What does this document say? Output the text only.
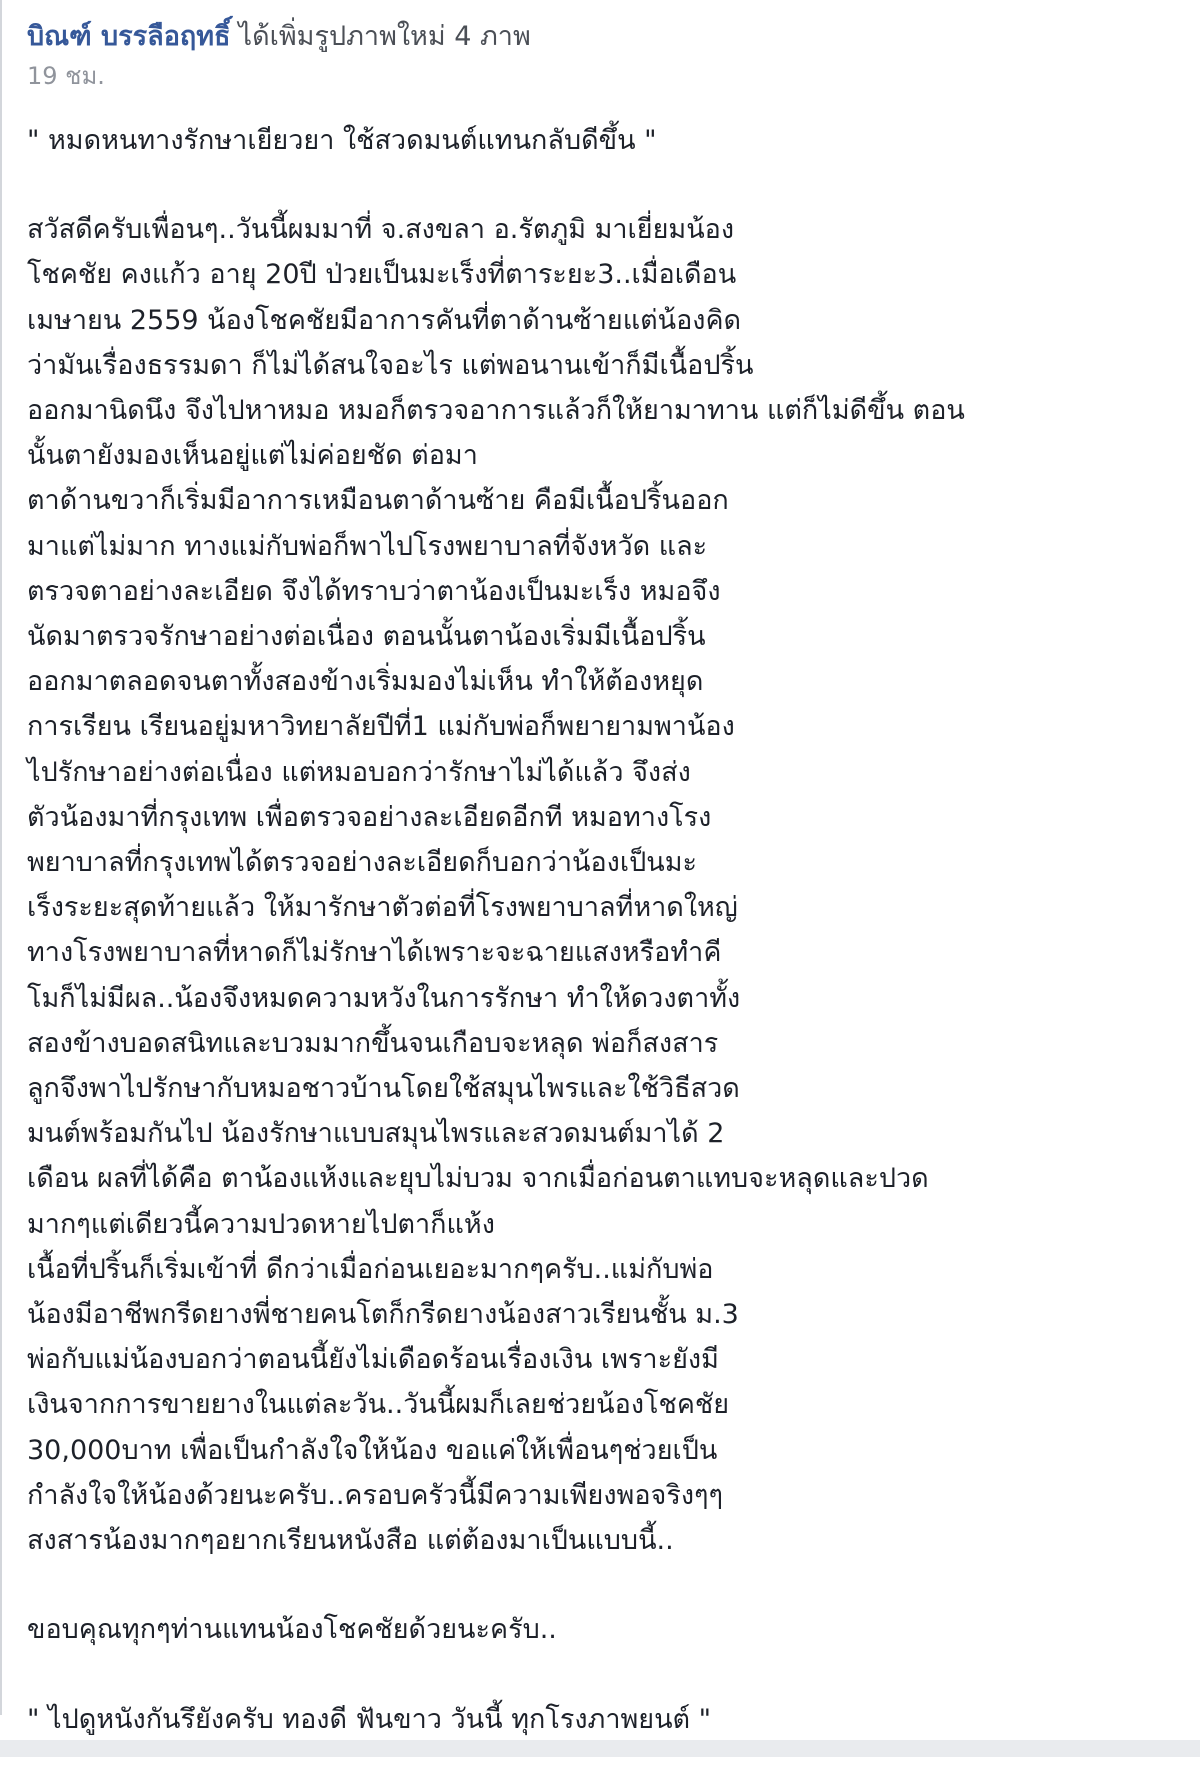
บิณฑ์ บรรลือฤทธิ์ ได้เพิ่มรูปภาพใหม่ 4 ภาพ
19 ชม.

" หมดหนทางรักษาเยียวยา ใช้สวดมนต์แทนกลับดีขึ้น "

สวัสดีครับเพื่อนๆ..วันนี้ผมมาที่ จ.สงขลา อ.รัตภูมิ มาเยี่ยมน้อง
โชคชัย คงแก้ว อายุ 20ปี ป่วยเป็นมะเร็งที่ตาระยะ3..เมื่อเดือน
เมษายน 2559 น้องโชคชัยมีอาการคันที่ตาด้านซ้ายแต่น้องคิด
ว่ามันเรื่องธรรมดา ก็ไม่ได้สนใจอะไร แต่พอนานเข้าก็มีเนื้อปริ้น
ออกมานิดนึง จึงไปหาหมอ หมอก็ตรวจอาการแล้วก็ให้ยามาทาน แต่ก็ไม่ดีขึ้น ตอน
นั้นตายังมองเห็นอยู่แต่ไม่ค่อยชัด ต่อมา
ตาด้านขวาก็เริ่มมีอาการเหมือนตาด้านซ้าย คือมีเนื้อปริ้นออก
มาแต่ไม่มาก ทางแม่กับพ่อก็พาไปโรงพยาบาลที่จังหวัด และ
ตรวจตาอย่างละเอียด จึงได้ทราบว่าตาน้องเป็นมะเร็ง หมอจึง
นัดมาตรวจรักษาอย่างต่อเนื่อง ตอนนั้นตาน้องเริ่มมีเนื้อปริ้น
ออกมาตลอดจนตาทั้งสองข้างเริ่มมองไม่เห็น ทำให้ต้องหยุด
การเรียน เรียนอยู่มหาวิทยาลัยปีที่1 แม่กับพ่อก็พยายามพาน้อง
ไปรักษาอย่างต่อเนื่อง แต่หมอบอกว่ารักษาไม่ได้แล้ว จึงส่ง
ตัวน้องมาที่กรุงเทพ เพื่อตรวจอย่างละเอียดอีกที หมอทางโรง
พยาบาลที่กรุงเทพได้ตรวจอย่างละเอียดก็บอกว่าน้องเป็นมะ
เร็งระยะสุดท้ายแล้ว ให้มารักษาตัวต่อที่โรงพยาบาลที่หาดใหญ่
ทางโรงพยาบาลที่หาดก็ไม่รักษาได้เพราะจะฉายแสงหรือทำคี
โมก็ไม่มีผล..น้องจึงหมดความหวังในการรักษา ทำให้ดวงตาทั้ง
สองข้างบอดสนิทและบวมมากขึ้นจนเกือบจะหลุด พ่อก็สงสาร
ลูกจึงพาไปรักษากับหมอชาวบ้านโดยใช้สมุนไพรและใช้วิธีสวด
มนต์พร้อมกันไป น้องรักษาแบบสมุนไพรและสวดมนต์มาได้ 2
เดือน ผลที่ได้คือ ตาน้องแห้งและยุบไม่บวม จากเมื่อก่อนตาแทบจะหลุดและปวด
มากๆแต่เดียวนี้ความปวดหายไปตาก็แห้ง
เนื้อที่ปริ้นก็เริ่มเข้าที่ ดีกว่าเมื่อก่อนเยอะมากๆครับ..แม่กับพ่อ
น้องมีอาชีพกรีดยางพี่ชายคนโตก็กรีดยางน้องสาวเรียนชั้น ม.3
พ่อกับแม่น้องบอกว่าตอนนี้ยังไม่เดือดร้อนเรื่องเงิน เพราะยังมี
เงินจากการขายยางในแต่ละวัน..วันนี้ผมก็เลยช่วยน้องโชคชัย
30,000บาท เพื่อเป็นกำลังใจให้น้อง ขอแค่ให้เพื่อนๆช่วยเป็น
กำลังใจให้น้องด้วยนะครับ..ครอบครัวนี้มีความเพียงพอจริงๆๆ
สงสารน้องมากๆอยากเรียนหนังสือ แต่ต้องมาเป็นแบบนี้..

ขอบคุณทุกๆท่านแทนน้องโชคชัยด้วยนะครับ..

" ไปดูหนังกันรึยังครับ ทองดี ฟันขาว วันนี้ ทุกโรงภาพยนต์ "
